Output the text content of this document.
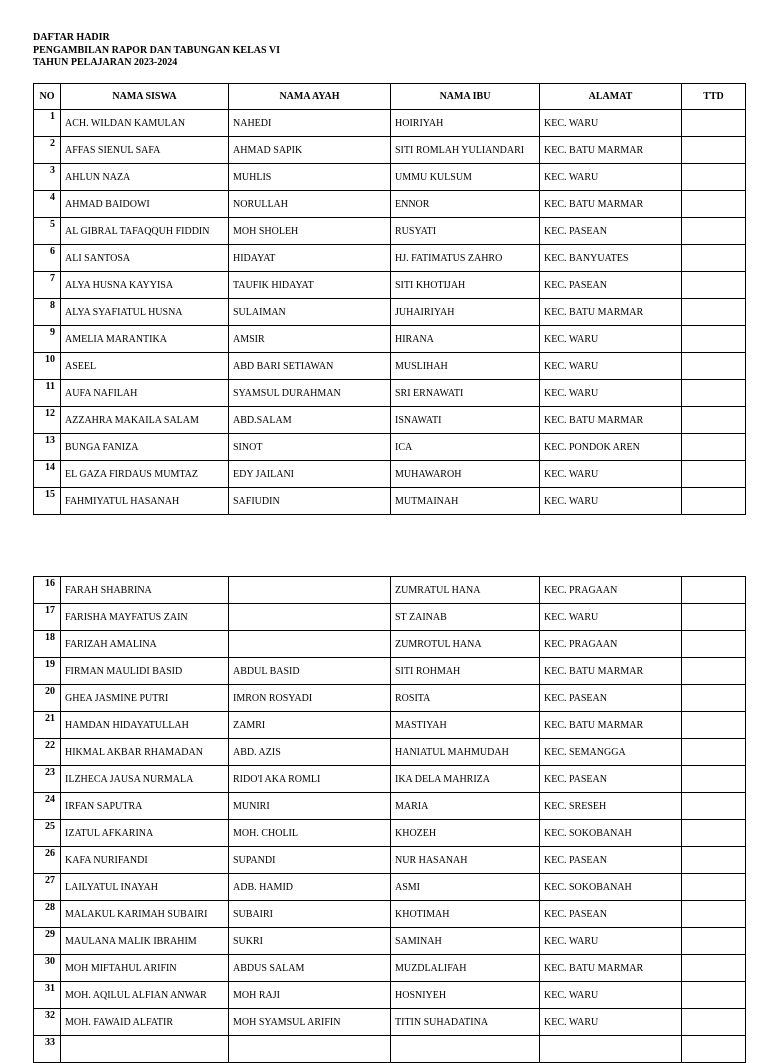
DAFTAR HADIR
PENGAMBILAN RAPOR DAN TABUNGAN KELAS VI
TAHUN PELAJARAN 2023-2024
NO	NAMA SISWA	NAMA AYAH	NAMA IBU	ALAMAT	TTD
1	ACH. WILDAN KAMULAN	NAHEDI	HOIRIYAH	KEC. WARU	
2	AFFAS SIENUL SAFA	AHMAD SAPIK	SITI ROMLAH YULIANDARI	KEC. BATU MARMAR	
3	AHLUN NAZA	MUHLIS	UMMU KULSUM	KEC. WARU	
4	AHMAD BAIDOWI	NORULLAH	ENNOR	KEC. BATU MARMAR	
5	AL GIBRAL TAFAQQUH FIDDIN	MOH SHOLEH	RUSYATI	KEC. PASEAN	
6	ALI SANTOSA	HIDAYAT	HJ. FATIMATUS ZAHRO	KEC. BANYUATES	
7	ALYA HUSNA KAYYISA	TAUFIK HIDAYAT	SITI KHOTIJAH	KEC. PASEAN	
8	ALYA SYAFIATUL HUSNA	SULAIMAN	JUHAIRIYAH	KEC. BATU MARMAR	
9	AMELIA MARANTIKA	AMSIR	HIRANA	KEC. WARU	
10	ASEEL	ABD BARI SETIAWAN	MUSLIHAH	KEC. WARU	
11	AUFA NAFILAH	SYAMSUL DURAHMAN	SRI ERNAWATI	KEC. WARU	
12	AZZAHRA MAKAILA SALAM	ABD.SALAM	ISNAWATI	KEC. BATU MARMAR	
13	BUNGA FANIZA	SINOT	ICA	KEC. PONDOK AREN	
14	EL GAZA FIRDAUS MUMTAZ	EDY JAILANI	MUHAWAROH	KEC. WARU	
15	FAHMIYATUL HASANAH	SAFIUDIN	MUTMAINAH	KEC. WARU	
16	FARAH SHABRINA		ZUMRATUL HANA	KEC. PRAGAAN	
17	FARISHA MAYFATUS ZAIN		ST ZAINAB	KEC. WARU	
18	FARIZAH AMALINA		ZUMROTUL HANA	KEC. PRAGAAN	
19	FIRMAN MAULIDI BASID	ABDUL BASID	SITI ROHMAH	KEC. BATU MARMAR	
20	GHEA JASMINE PUTRI	IMRON ROSYADI	ROSITA	KEC. PASEAN	
21	HAMDAN HIDAYATULLAH	ZAMRI	MASTIYAH	KEC. BATU MARMAR	
22	HIKMAL AKBAR RHAMADAN	ABD. AZIS	HANIATUL MAHMUDAH	KEC. SEMANGGA	
23	ILZHECA JAUSA NURMALA	RIDO'I AKA ROMLI	IKA DELA MAHRIZA	KEC. PASEAN	
24	IRFAN SAPUTRA	MUNIRI	MARIA	KEC. SRESEH	
25	IZATUL AFKARINA	MOH. CHOLIL	KHOZEH	KEC. SOKOBANAH	
26	KAFA NURIFANDI	SUPANDI	NUR HASANAH	KEC. PASEAN	
27	LAILYATUL INAYAH	ADB. HAMID	ASMI	KEC. SOKOBANAH	
28	MALAKUL KARIMAH SUBAIRI	SUBAIRI	KHOTIMAH	KEC. PASEAN	
29	MAULANA MALIK IBRAHIM	SUKRI	SAMINAH	KEC. WARU	
30	MOH MIFTAHUL ARIFIN	ABDUS SALAM	MUZDLALIFAH	KEC. BATU MARMAR	
31	MOH. AQILUL ALFIAN ANWAR	MOH RAJI	HOSNIYEH	KEC. WARU	
32	MOH. FAWAID ALFATIR	MOH SYAMSUL ARIFIN	TITIN SUHADATINA	KEC. WARU	
33					
